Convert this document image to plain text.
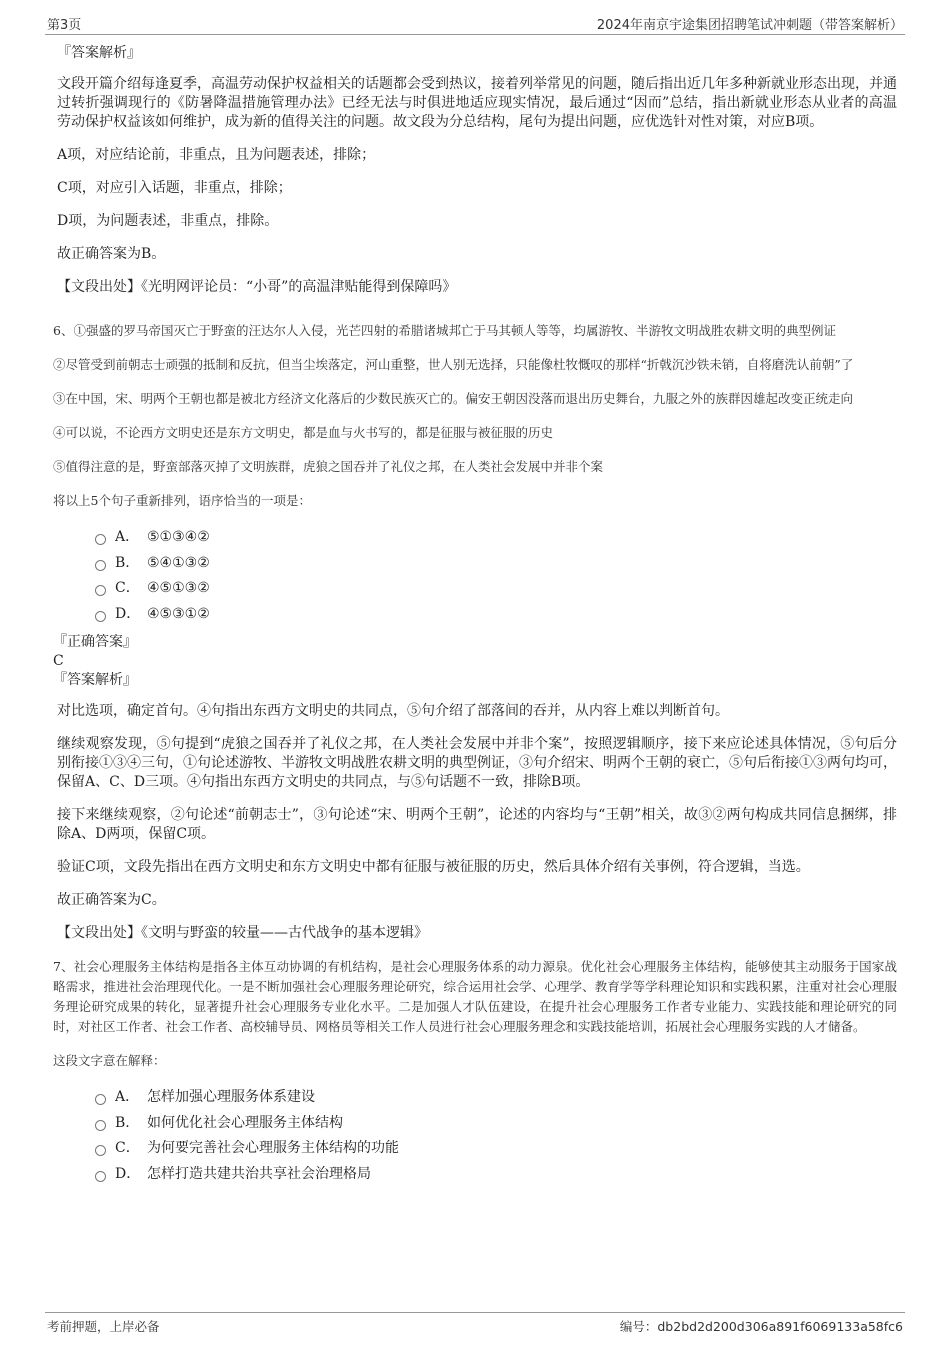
第3页	2024年南京宇途集团招聘笔试冲刺题（带答案解析）

『答案解析』

文段开篇介绍每逢夏季，高温劳动保护权益相关的话题都会受到热议，接着列举常见的问题，随后指出近几年多种新就业形态出现，并通过转折强调现行的《防暑降温措施管理办法》已经无法与时俱进地适应现实情况，最后通过“因而”总结，指出新就业形态从业者的高温劳动保护权益该如何维护，成为新的值得关注的问题。故文段为分总结构，尾句为提出问题，应优选针对性对策，对应B项。

A项，对应结论前，非重点，且为问题表述，排除；

C项，对应引入话题，非重点，排除；

D项，为问题表述，非重点，排除。

故正确答案为B。

【文段出处】《光明网评论员：“小哥”的高温津贴能得到保障吗》

6、①强盛的罗马帝国灭亡于野蛮的汪达尔人入侵，光芒四射的希腊诸城邦亡于马其顿人等等，均属游牧、半游牧文明战胜农耕文明的典型例证

②尽管受到前朝志士顽强的抵制和反抗，但当尘埃落定，河山重整，世人别无选择，只能像杜牧慨叹的那样“折戟沉沙铁未销，自将磨洗认前朝”了

③在中国，宋、明两个王朝也都是被北方经济文化落后的少数民族灭亡的。偏安王朝因没落而退出历史舞台，九服之外的族群因雄起改变正统走向

④可以说，不论西方文明史还是东方文明史，都是血与火书写的，都是征服与被征服的历史

⑤值得注意的是，野蛮部落灭掉了文明族群，虎狼之国吞并了礼仪之邦，在人类社会发展中并非个案

将以上5个句子重新排列，语序恰当的一项是：

A． ⑤①③④②
B.	⑤④①③②
C． ④⑤①③②
D． ④⑤③①②

『正确答案』

C

『答案解析』

对比选项，确定首句。④句指出东西方文明史的共同点，⑤句介绍了部落间的吞并，从内容上难以判断首句。

继续观察发现，⑤句提到“虎狼之国吞并了礼仪之邦，在人类社会发展中并非个案”，按照逻辑顺序，接下来应论述具体情况，⑤句后分别衔接①③④三句，①句论述游牧、半游牧文明战胜农耕文明的典型例证，③句介绍宋、明两个王朝的衰亡，⑤句后衔接①③两句均可，保留A、C、D三项。④句指出东西方文明史的共同点，与⑤句话题不一致，排除B项。

接下来继续观察，②句论述“前朝志士”，③句论述“宋、明两个王朝”，论述的内容均与“王朝”相关，故③②两句构成共同信息捆绑，排除A、D两项，保留C项。

验证C项，文段先指出在西方文明史和东方文明史中都有征服与被征服的历史，然后具体介绍有关事例，符合逻辑，当选。

故正确答案为C。

【文段出处】《文明与野蛮的较量——古代战争的基本逻辑》

7、社会心理服务主体结构是指各主体互动协调的有机结构，是社会心理服务体系的动力源泉。优化社会心理服务主体结构，能够使其主动服务于国家战略需求，推进社会治理现代化。一是不断加强社会心理服务理论研究，综合运用社会学、心理学、教育学等学科理论知识和实践积累，注重对社会心理服务理论研究成果的转化，显著提升社会心理服务专业化水平。二是加强人才队伍建设，在提升社会心理服务工作者专业能力、实践技能和理论研究的同时，对社区工作者、社会工作者、高校辅导员、网格员等相关工作人员进行社会心理服务理念和实践技能培训，拓展社会心理服务实践的人才储备。

这段文字意在解释：

A． 怎样加强心理服务体系建设
B.	如何优化社会心理服务主体结构
C． 为何要完善社会心理服务主体结构的功能
D． 怎样打造共建共治共享社会治理格局
考前押题，上岸必备	编号：db2bd2d200d306a891f6069133a58fc6
